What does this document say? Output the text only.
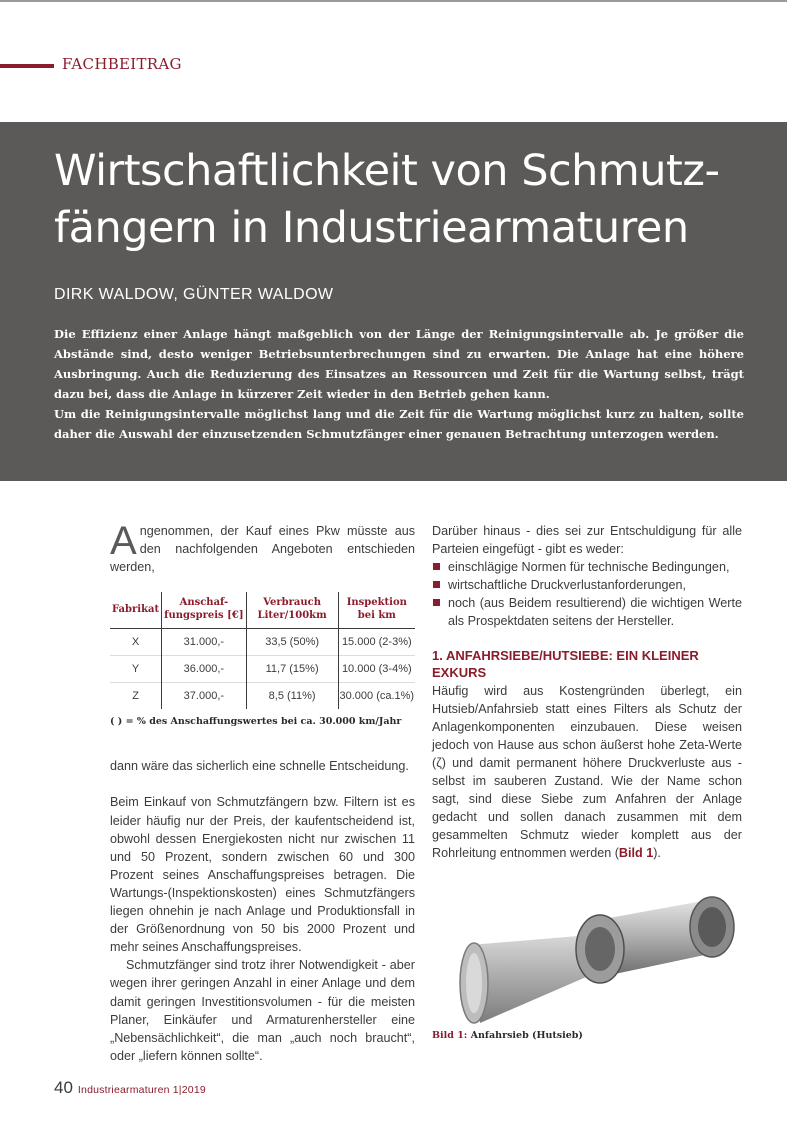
FACHBEITRAG
Wirtschaftlichkeit von Schmutz-
fängern in Industriearmaturen
DIRK WALDOW, GÜNTER WALDOW

Die Effizienz einer Anlage hängt maßgeblich von der Länge der Reinigungsintervalle ab. Je größer die Abstände sind, desto weniger Betriebsunterbrechungen sind zu erwarten. Die Anlage hat eine höhere Ausbringung. Auch die Reduzierung des Einsatzes an Ressourcen und Zeit für die Wartung selbst, trägt dazu bei, dass die Anlage in kürzerer Zeit wieder in den Betrieb gehen kann.

Um die Reinigungsintervalle möglichst lang und die Zeit für die Wartung möglichst kurz zu halten, sollte daher die Auswahl der einzusetzenden Schmutzfänger einer genauen Betrachtung unterzogen werden.

Angenommen, der Kauf eines Pkw müsste aus den nachfolgenden Angeboten entschieden werden,

Fabrikat	Anschaf-fungspreis [€]	Verbrauch Liter/100km	Inspektion bei km
X	31.000,-	33,5 (50%)	15.000 (2-3%)
Y	36.000,-	11,7 (15%)	10.000 (3-4%)
Z	37.000,-	8,5 (11%)	30.000 (ca.1%)
( ) = % des Anschaffungswertes bei ca. 30.000 km/Jahr

dann wäre das sicherlich eine schnelle Entscheidung.

Beim Einkauf von Schmutzfängern bzw. Filtern ist es leider häufig nur der Preis, der kaufentscheidend ist, obwohl dessen Energiekosten nicht nur zwischen 11 und 50 Prozent, sondern zwischen 60 und 300 Prozent seines Anschaffungspreises betragen. Die Wartungs-(Inspektionskosten) eines Schmutzfängers liegen ohnehin je nach Anlage und Produktionsfall in der Größenordnung von 50 bis 2000 Prozent und mehr seines Anschaffungspreises.

Schmutzfänger sind trotz ihrer Notwendigkeit - aber wegen ihrer geringen Anzahl in einer Anlage und dem damit geringen Investitionsvolumen - für die meisten Planer, Einkäufer und Armaturenhersteller eine „Nebensächlichkeit“, die man „auch noch braucht“, oder „liefern können sollte“.

Darüber hinaus - dies sei zur Entschuldigung für alle Parteien eingefügt - gibt es weder:

einschlägige Normen für technische Bedingungen,
wirtschaftliche Druckverlustanforderungen,
noch (aus Beidem resultierend) die wichtigen Werte als Prospektdaten seitens der Hersteller.
1. ANFAHRSIEBE/HUTSIEBE: EIN KLEINER EXKURS

Häufig wird aus Kostengründen überlegt, ein Hutsieb/Anfahrsieb statt eines Filters als Schutz der Anlagenkomponenten einzubauen. Diese weisen jedoch von Hause aus schon äußerst hohe Zeta-Werte (ζ) und damit permanent höhere Druckverluste aus - selbst im sauberen Zustand. Wie der Name schon sagt, sind diese Siebe zum Anfahren der Anlage gedacht und sollen danach zusammen mit dem gesammelten Schmutz wieder komplett aus der Rohrleitung entnommen werden (Bild 1).

Bild 1: Anfahrsieb (Hutsieb)
40 Industriearmaturen 1|2019
